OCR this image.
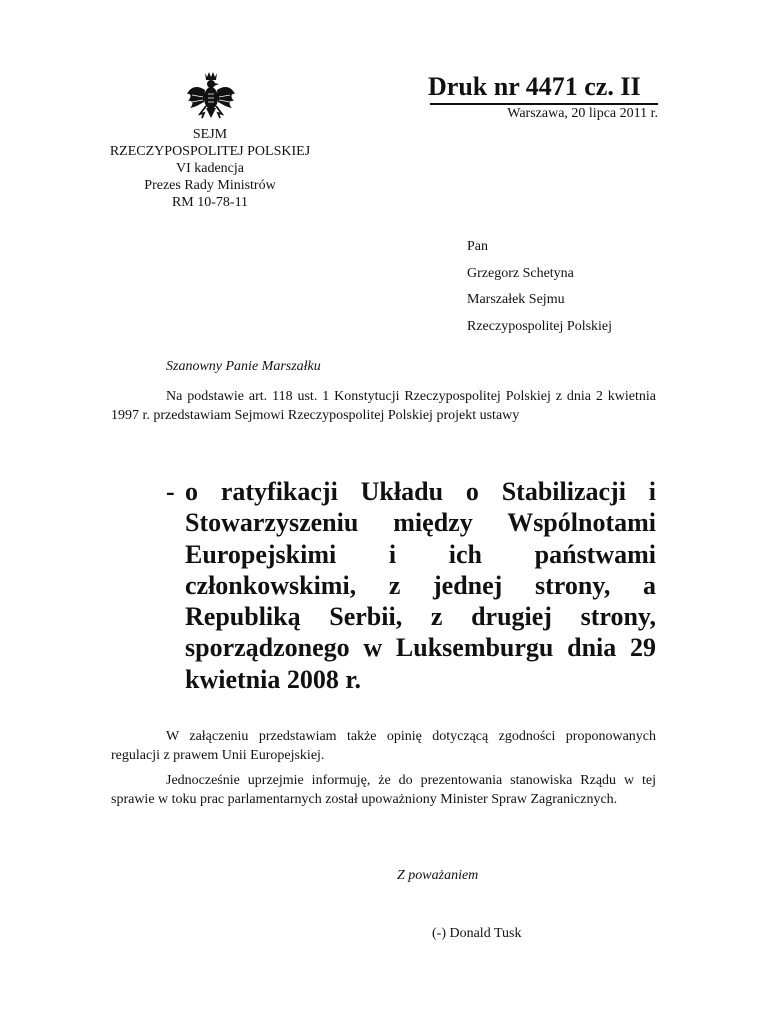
SEJM
RZECZYPOSPOLITEJ POLSKIEJ
VI kadencja
Prezes Rady Ministrów
RM 10-78-11
Druk nr 4471 cz. II
Warszawa, 20 lipca 2011 r.
Pan
Grzegorz Schetyna
Marszałek Sejmu
Rzeczypospolitej Polskiej
Szanowny Panie Marszałku
Na podstawie art. 118 ust. 1 Konstytucji Rzeczypospolitej Polskiej z dnia 2 kwietnia 1997 r. przedstawiam Sejmowi Rzeczypospolitej Polskiej projekt ustawy
- o ratyfikacji Układu o Stabilizacji i Stowarzyszeniu między Wspólnotami Europejskimi i ich państwami członkowskimi, z jednej strony, a Republiką Serbii, z drugiej strony, sporządzonego w Luksemburgu dnia 29 kwietnia 2008 r.
W załączeniu przedstawiam także opinię dotyczącą zgodności proponowanych regulacji z prawem Unii Europejskiej.
Jednocześnie uprzejmie informuję, że do prezentowania stanowiska Rządu w tej sprawie w toku prac parlamentarnych został upoważniony Minister Spraw Zagranicznych.
Z poważaniem
(-) Donald Tusk
